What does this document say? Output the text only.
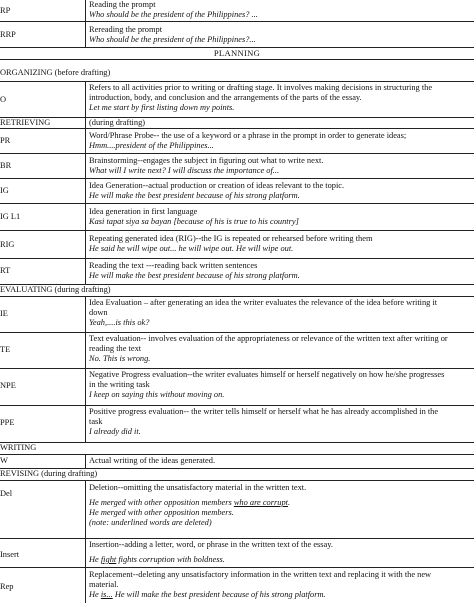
RP
Reading the prompt
Who should be the president of the Philippines? ...
RRP
Rereading the prompt
Who should be the president of the Philippines?...
PLANNING
ORGANIZING (before drafting)
O
Refers to all activities prior to writing or drafting stage. It involves making decisions in structuring the
introduction, body, and conclusion and the arrangements of the parts of the essay.
Let me start by first listing down my points.
RETRIEVING	(during drafting)
PR
Word/Phrase Probe-- the use of a keyword or a phrase in the prompt in order to generate ideas;
Hmm....president of the Philippines...
BR
Brainstorming--engages the subject in figuring out what to write next.
What will I write next? I will discuss the importance of...
IG
Idea Generation--actual production or creation of ideas relevant to the topic.
He will make the best president because of his strong platform.
IG L1
Idea generation in first language
Kasi tapat siya sa bayan [because of his is true to his country]
RIG
Repeating generated idea (RIG)--the IG is repeated or rehearsed before writing them
He said he will wipe out... he will wipe out. He will wipe out.
RT
Reading the text ---reading back written sentences
He will make the best president because of his strong platform.
EVALUATING (during drafting)
IE
Idea Evaluation – after generating an idea the writer evaluates the relevance of the idea before writing it
down
Yeah,....is this ok?
TE
Text evaluation-- involves evaluation of the appropriateness or relevance of the written text after writing or
reading the text
No. This is wrong.
NPE
Negative Progress evaluation--the writer evaluates himself or herself negatively on how he/she progresses
in the writing task
I keep on saying this without moving on.
PPE
Positive progress evaluation-- the writer tells himself or herself what he has already accomplished in the
task
I already did it.
WRITING
W	Actual writing of the ideas generated.
REVISING (during drafting)
Del
Deletion--omitting the unsatisfactory material in the written text.
He merged with other opposition members who are corrupt.
He merged with other opposition members.
(note: underlined words are deleted)
Insert
Insertion--adding a letter, word, or phrase in the written text of the essay.
He fight fights corruption with boldness.
Rep
Replacement--deleting any unsatisfactory information in the written text and replacing it with the new
material.
He is... He will make the best president because of his strong platform.
